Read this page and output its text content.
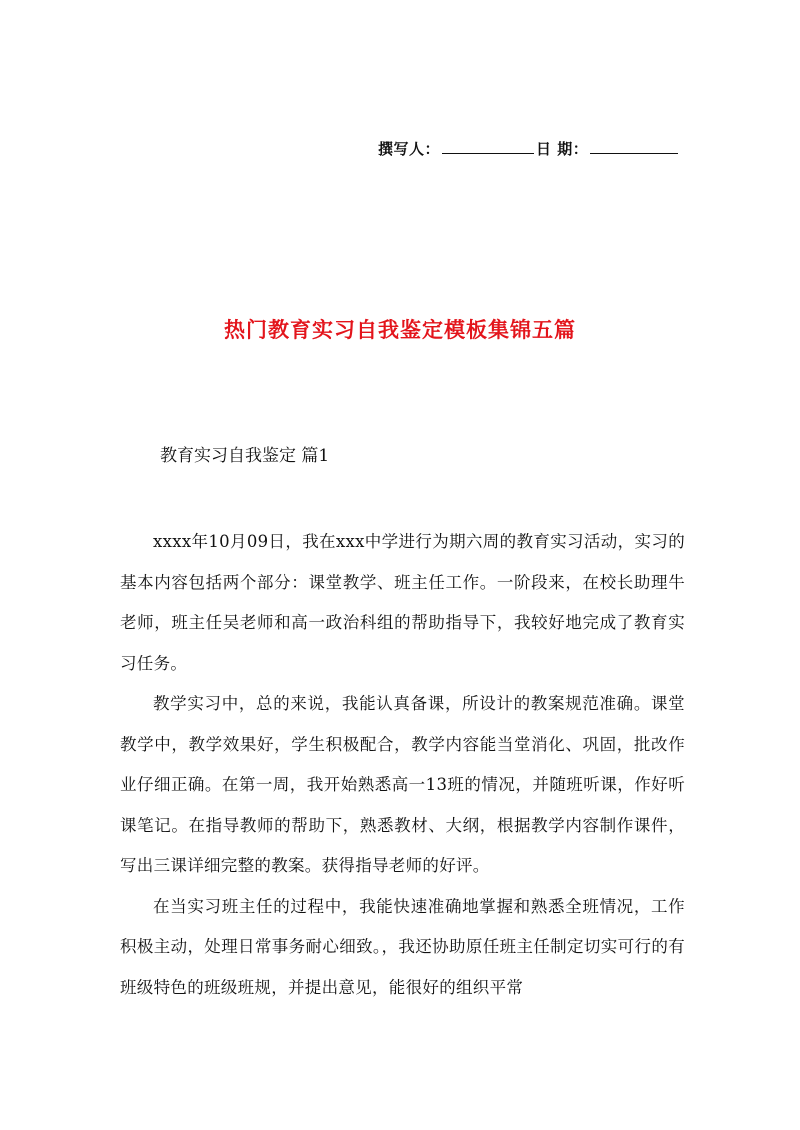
撰写人：	日 期：
热门教育实习自我鉴定模板集锦五篇
教育实习自我鉴定 篇1

xxxx年10月09日，我在xxx中学进行为期六周的教育实习活动，实习的基本内容包括两个部分：课堂教学、班主任工作。一阶段来，在校长助理牛老师，班主任吴老师和高一政治科组的帮助指导下，我较好地完成了教育实习任务。

教学实习中，总的来说，我能认真备课，所设计的教案规范准确。课堂教学中，教学效果好，学生积极配合，教学内容能当堂消化、巩固，批改作业仔细正确。在第一周，我开始熟悉高一13班的情况，并随班听课，作好听课笔记。在指导教师的帮助下，熟悉教材、大纲，根据教学内容制作课件，写出三课详细完整的教案。获得指导老师的好评。

在当实习班主任的过程中，我能快速准确地掌握和熟悉全班情况，工作积极主动，处理日常事务耐心细致。，我还协助原任班主任制定切实可行的有班级特色的班级班规，并提出意见，能很好的组织平常
